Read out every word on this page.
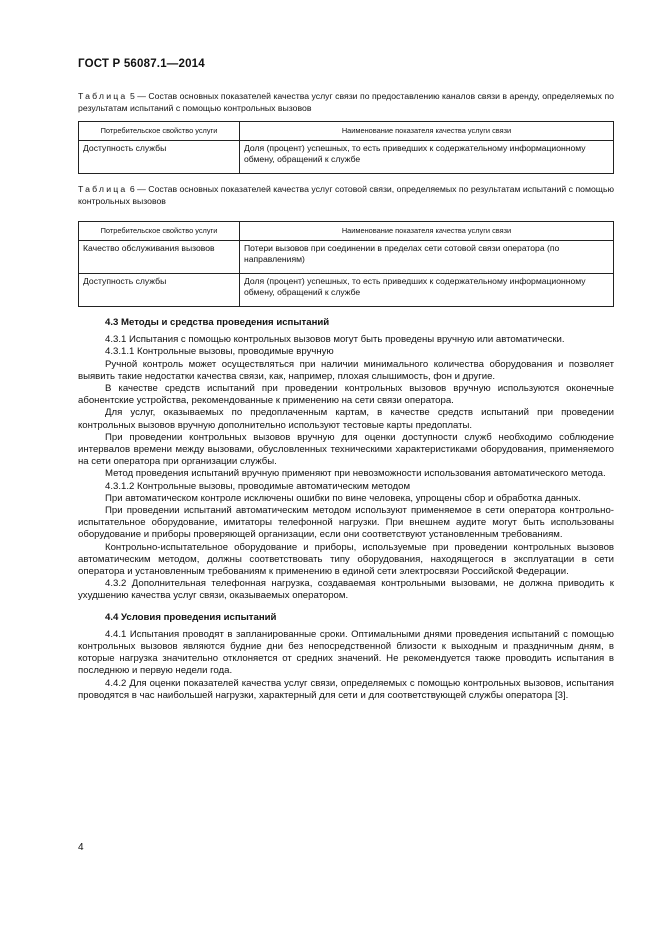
ГОСТ Р 56087.1—2014
Таблица 5 — Состав основных показателей качества услуг связи по предоставлению каналов связи в аренду, определяемых по результатам испытаний с помощью контрольных вызовов
Потребительское свойство услуги	Наименование показателя качества услуги связи
Доступность службы	Доля (процент) успешных, то есть приведших к содержательному информационному обмену, обращений к службе
Таблица 6 — Состав основных показателей качества услуг сотовой связи, определяемых по результатам испытаний с помощью контрольных вызовов
Потребительское свойство услуги	Наименование показателя качества услуги связи
Качество обслуживания вызовов	Потери вызовов при соединении в пределах сети сотовой связи оператора (по направлениям)
Доступность службы	Доля (процент) успешных, то есть приведших к содержательному информационному обмену, обращений к службе
4.3 Методы и средства проведения испытаний

4.3.1 Испытания с помощью контрольных вызовов могут быть проведены вручную или автоматически.

4.3.1.1 Контрольные вызовы, проводимые вручную

Ручной контроль может осуществляться при наличии минимального количества оборудования и позволяет выявить такие недостатки качества связи, как, например, плохая слышимость, фон и другие.

В качестве средств испытаний при проведении контрольных вызовов вручную используются оконечные абонентские устройства, рекомендованные к применению на сети связи оператора.

Для услуг, оказываемых по предоплаченным картам, в качестве средств испытаний при проведении контрольных вызовов вручную дополнительно используют тестовые карты предоплаты.

При проведении контрольных вызовов вручную для оценки доступности служб необходимо соблюдение интервалов времени между вызовами, обусловленных техническими характеристиками оборудования, применяемого на сети оператора при организации службы.

Метод проведения испытаний вручную применяют при невозможности использования автоматического метода.

4.3.1.2 Контрольные вызовы, проводимые автоматическим методом

При автоматическом контроле исключены ошибки по вине человека, упрощены сбор и обработка данных.

При проведении испытаний автоматическим методом используют применяемое в сети оператора контрольно-испытательное оборудование, имитаторы телефонной нагрузки. При внешнем аудите могут быть использованы оборудование и приборы проверяющей организации, если они соответствуют установленным требованиям.

Контрольно-испытательное оборудование и приборы, используемые при проведении контрольных вызовов автоматическим методом, должны соответствовать типу оборудования, находящегося в эксплуатации в сети оператора и установленным требованиям к применению в единой сети электросвязи Российской Федерации.

4.3.2 Дополнительная телефонная нагрузка, создаваемая контрольными вызовами, не должна приводить к ухудшению качества услуг связи, оказываемых оператором.

4.4 Условия проведения испытаний

4.4.1 Испытания проводят в запланированные сроки. Оптимальными днями проведения испытаний с помощью контрольных вызовов являются будние дни без непосредственной близости к выходным и праздничным дням, в которые нагрузка значительно отклоняется от средних значений. Не рекомендуется также проводить испытания в последнюю и первую недели года.

4.4.2 Для оценки показателей качества услуг связи, определяемых с помощью контрольных вызовов, испытания проводятся в час наибольшей нагрузки, характерный для сети и для соответствующей службы оператора [3].

4
